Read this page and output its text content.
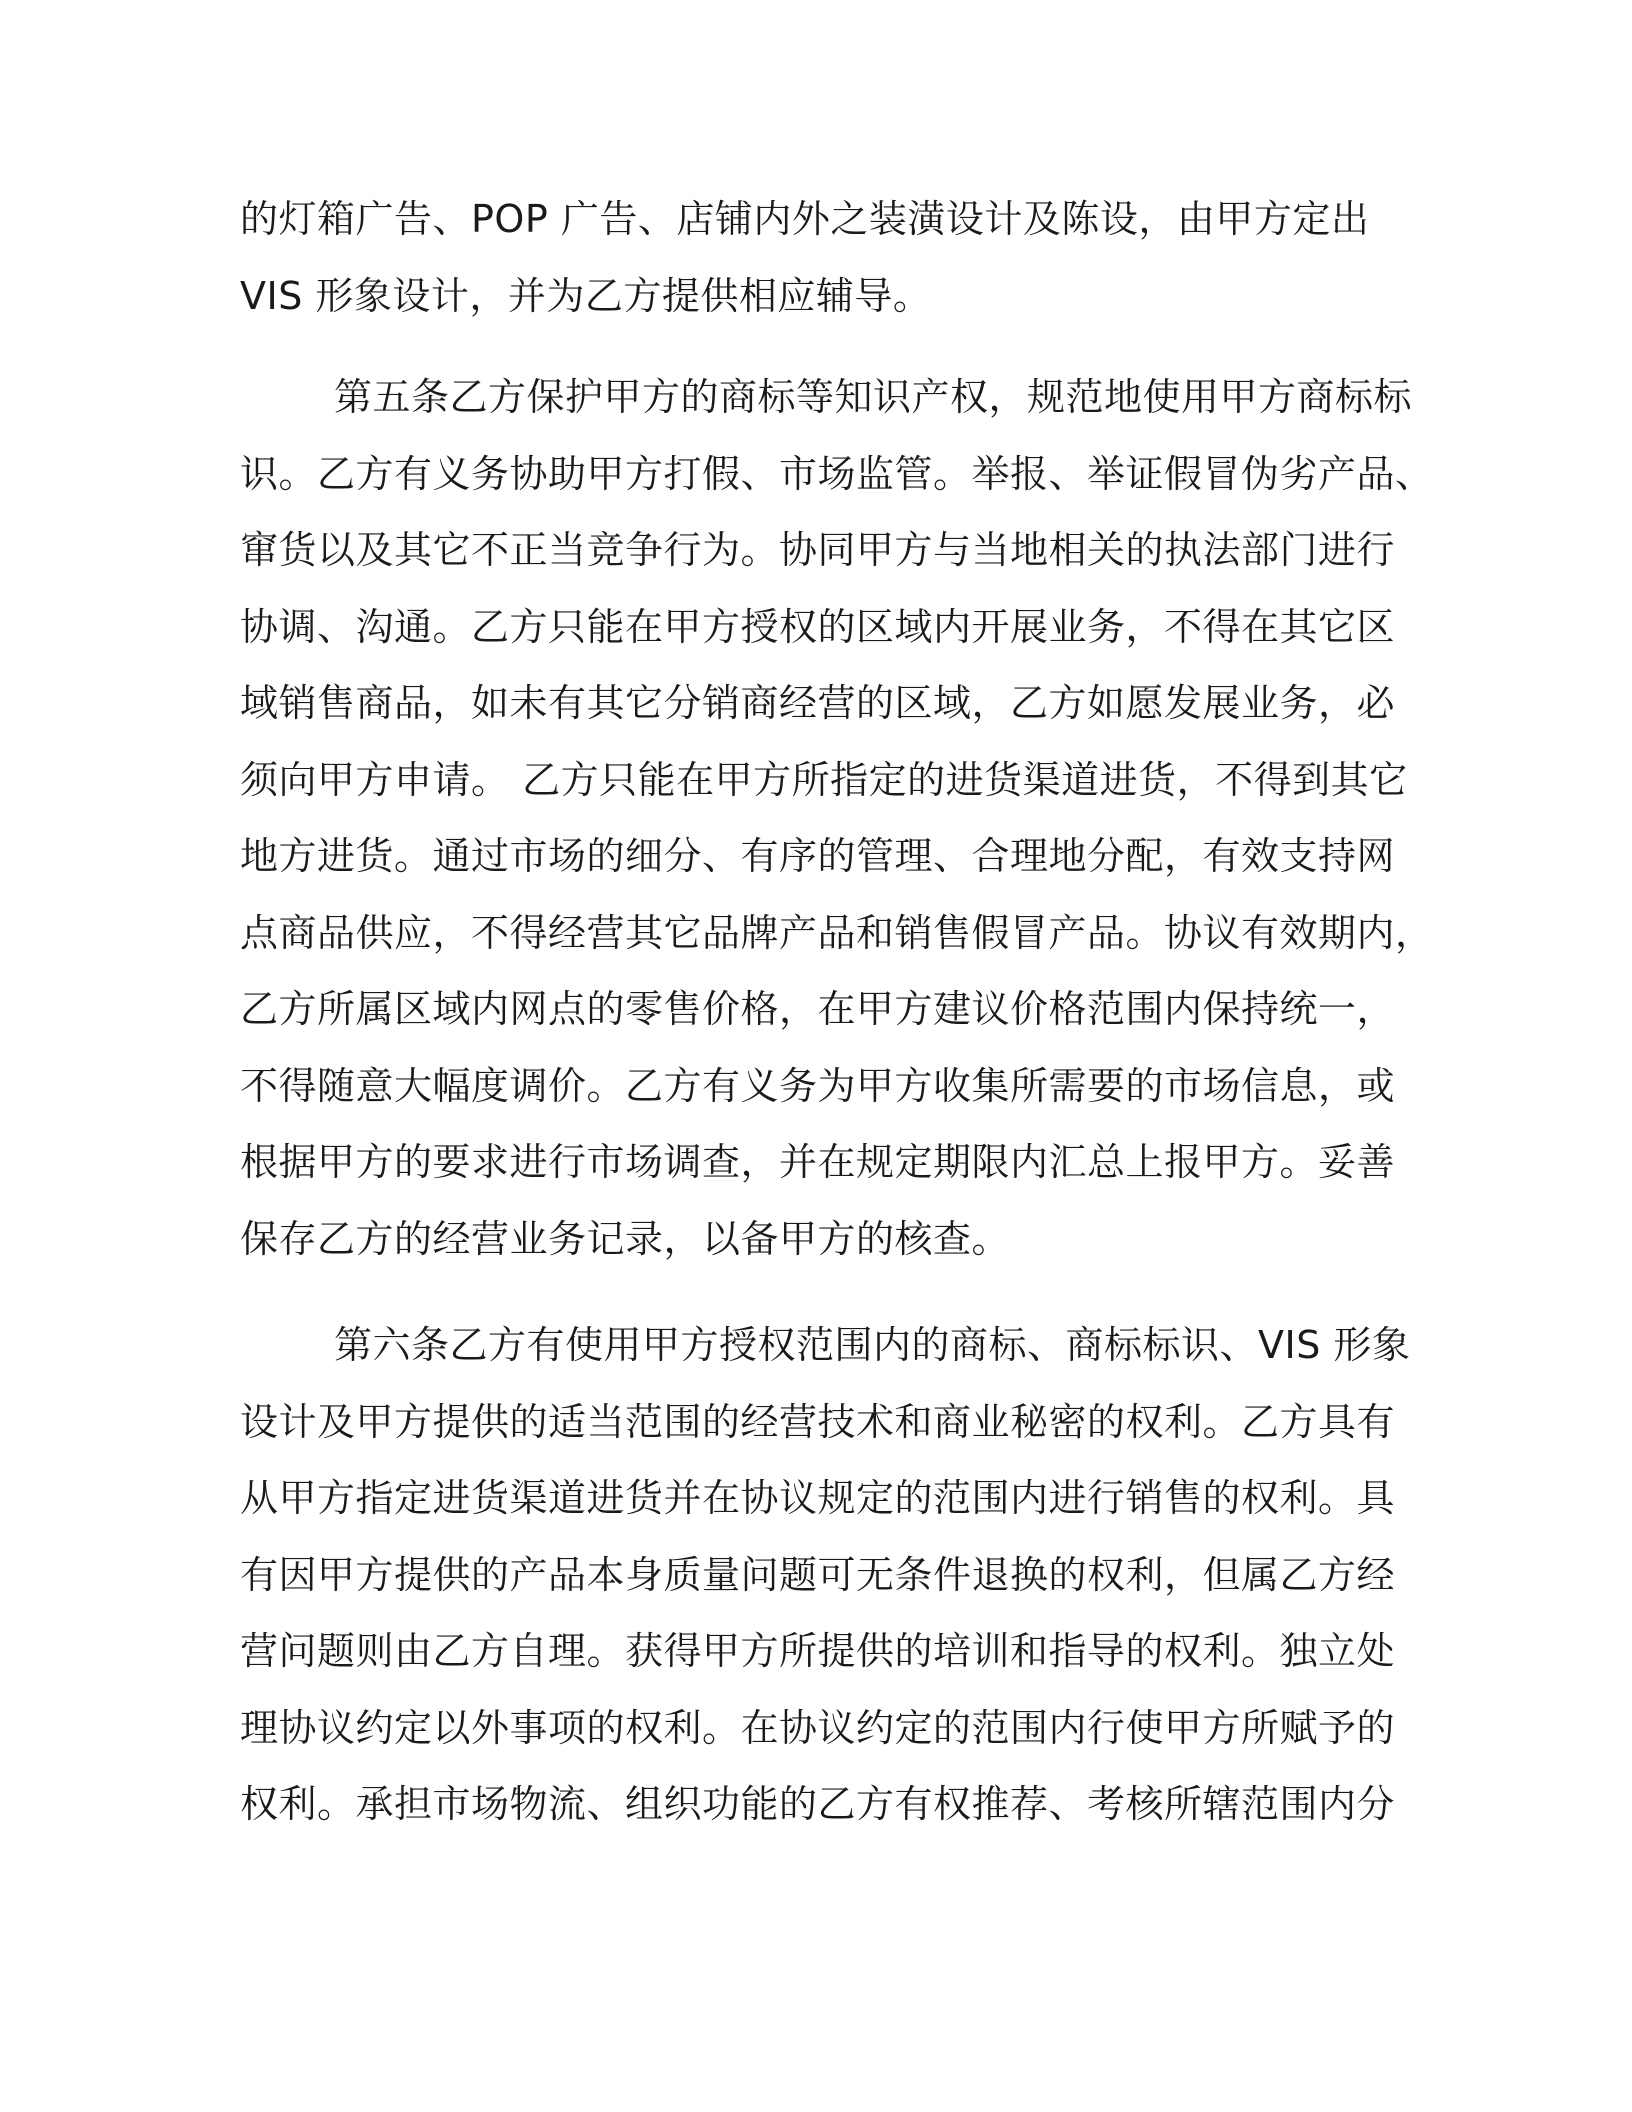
的灯箱广告、POP 广告、店铺内外之装潢设计及陈设，由甲方定出
VIS 形象设计，并为乙方提供相应辅导。
第五条乙方保护甲方的商标等知识产权，规范地使用甲方商标标
识。乙方有义务协助甲方打假、市场监管。举报、举证假冒伪劣产品、
窜货以及其它不正当竞争行为。协同甲方与当地相关的执法部门进行
协调、沟通。乙方只能在甲方授权的区域内开展业务，不得在其它区
域销售商品，如未有其它分销商经营的区域，乙方如愿发展业务，必
须向甲方申请。 乙方只能在甲方所指定的进货渠道进货，不得到其它
地方进货。通过市场的细分、有序的管理、合理地分配，有效支持网
点商品供应，不得经营其它品牌产品和销售假冒产品。协议有效期内，
乙方所属区域内网点的零售价格，在甲方建议价格范围内保持统一，
不得随意大幅度调价。乙方有义务为甲方收集所需要的市场信息，或
根据甲方的要求进行市场调查，并在规定期限内汇总上报甲方。妥善
保存乙方的经营业务记录，以备甲方的核查。
第六条乙方有使用甲方授权范围内的商标、商标标识、VIS 形象
设计及甲方提供的适当范围的经营技术和商业秘密的权利。乙方具有
从甲方指定进货渠道进货并在协议规定的范围内进行销售的权利。具
有因甲方提供的产品本身质量问题可无条件退换的权利，但属乙方经
营问题则由乙方自理。获得甲方所提供的培训和指导的权利。独立处
理协议约定以外事项的权利。在协议约定的范围内行使甲方所赋予的
权利。承担市场物流、组织功能的乙方有权推荐、考核所辖范围内分
